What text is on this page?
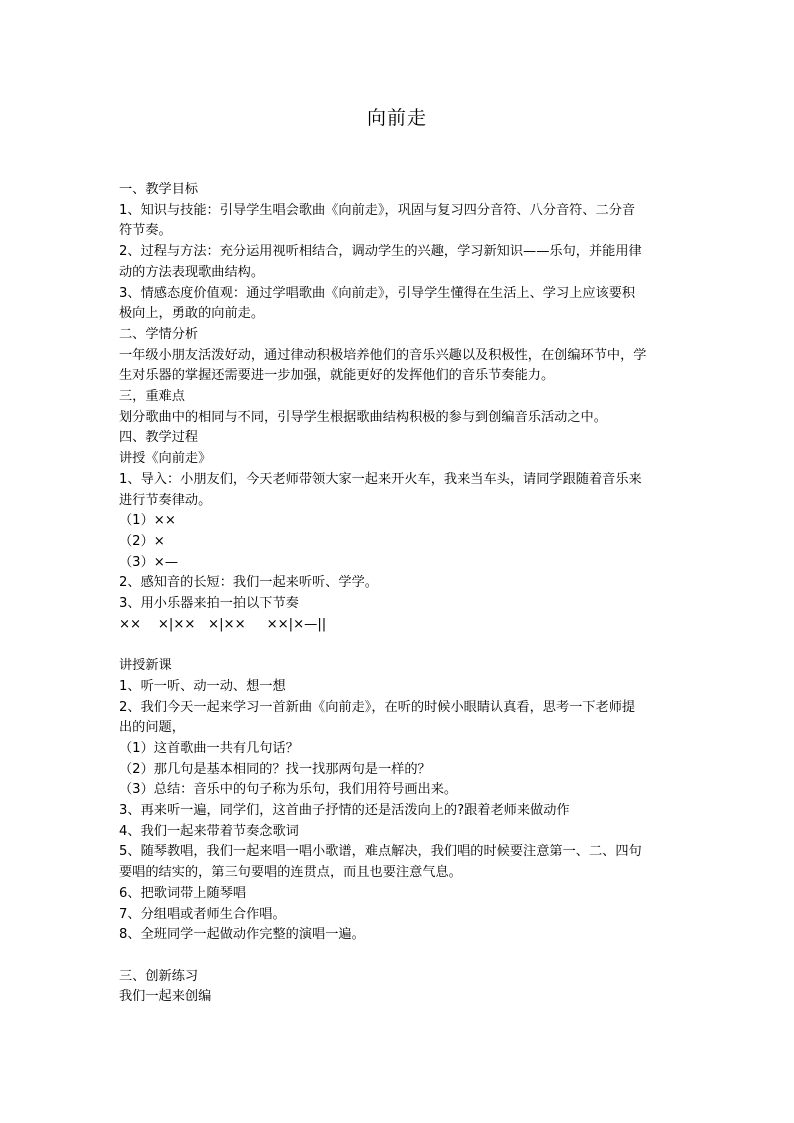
向前走
一、教学目标
1、知识与技能：引导学生唱会歌曲《向前走》，巩固与复习四分音符、八分音符、二分音
符节奏。
2、过程与方法：充分运用视听相结合，调动学生的兴趣，学习新知识——乐句，并能用律
动的方法表现歌曲结构。
3、情感态度价值观：通过学唱歌曲《向前走》，引导学生懂得在生活上、学习上应该要积
极向上，勇敢的向前走。
二、学情分析
一年级小朋友活泼好动，通过律动积极培养他们的音乐兴趣以及积极性，在创编环节中，学
生对乐器的掌握还需要进一步加强，就能更好的发挥他们的音乐节奏能力。
三，重难点
划分歌曲中的相同与不同，引导学生根据歌曲结构积极的参与到创编音乐活动之中。
四、教学过程
讲授《向前走》
1、导入：小朋友们，今天老师带领大家一起来开火车，我来当车头，请同学跟随着音乐来
进行节奏律动。
（1）××
（2）×
（3）×—
2、感知音的长短：我们一起来听听、学学。
3、用小乐器来拍一拍以下节奏
××    ×|××   ×|××     ××|×—||
讲授新课
1、听一听、动一动、想一想
2、我们今天一起来学习一首新曲《向前走》，在听的时候小眼睛认真看，思考一下老师提
出的问题，
（1）这首歌曲一共有几句话？
（2）那几句是基本相同的？找一找那两句是一样的？
（3）总结：音乐中的句子称为乐句，我们用符号画出来。
3、再来听一遍，同学们，这首曲子抒情的还是活泼向上的?跟着老师来做动作
4、我们一起来带着节奏念歌词
5、随琴教唱，我们一起来唱一唱小歌谱，难点解决，我们唱的时候要注意第一、二、四句
要唱的结实的，第三句要唱的连贯点，而且也要注意气息。
6、把歌词带上随琴唱
7、分组唱或者师生合作唱。
8、全班同学一起做动作完整的演唱一遍。
三、创新练习
我们一起来创编
